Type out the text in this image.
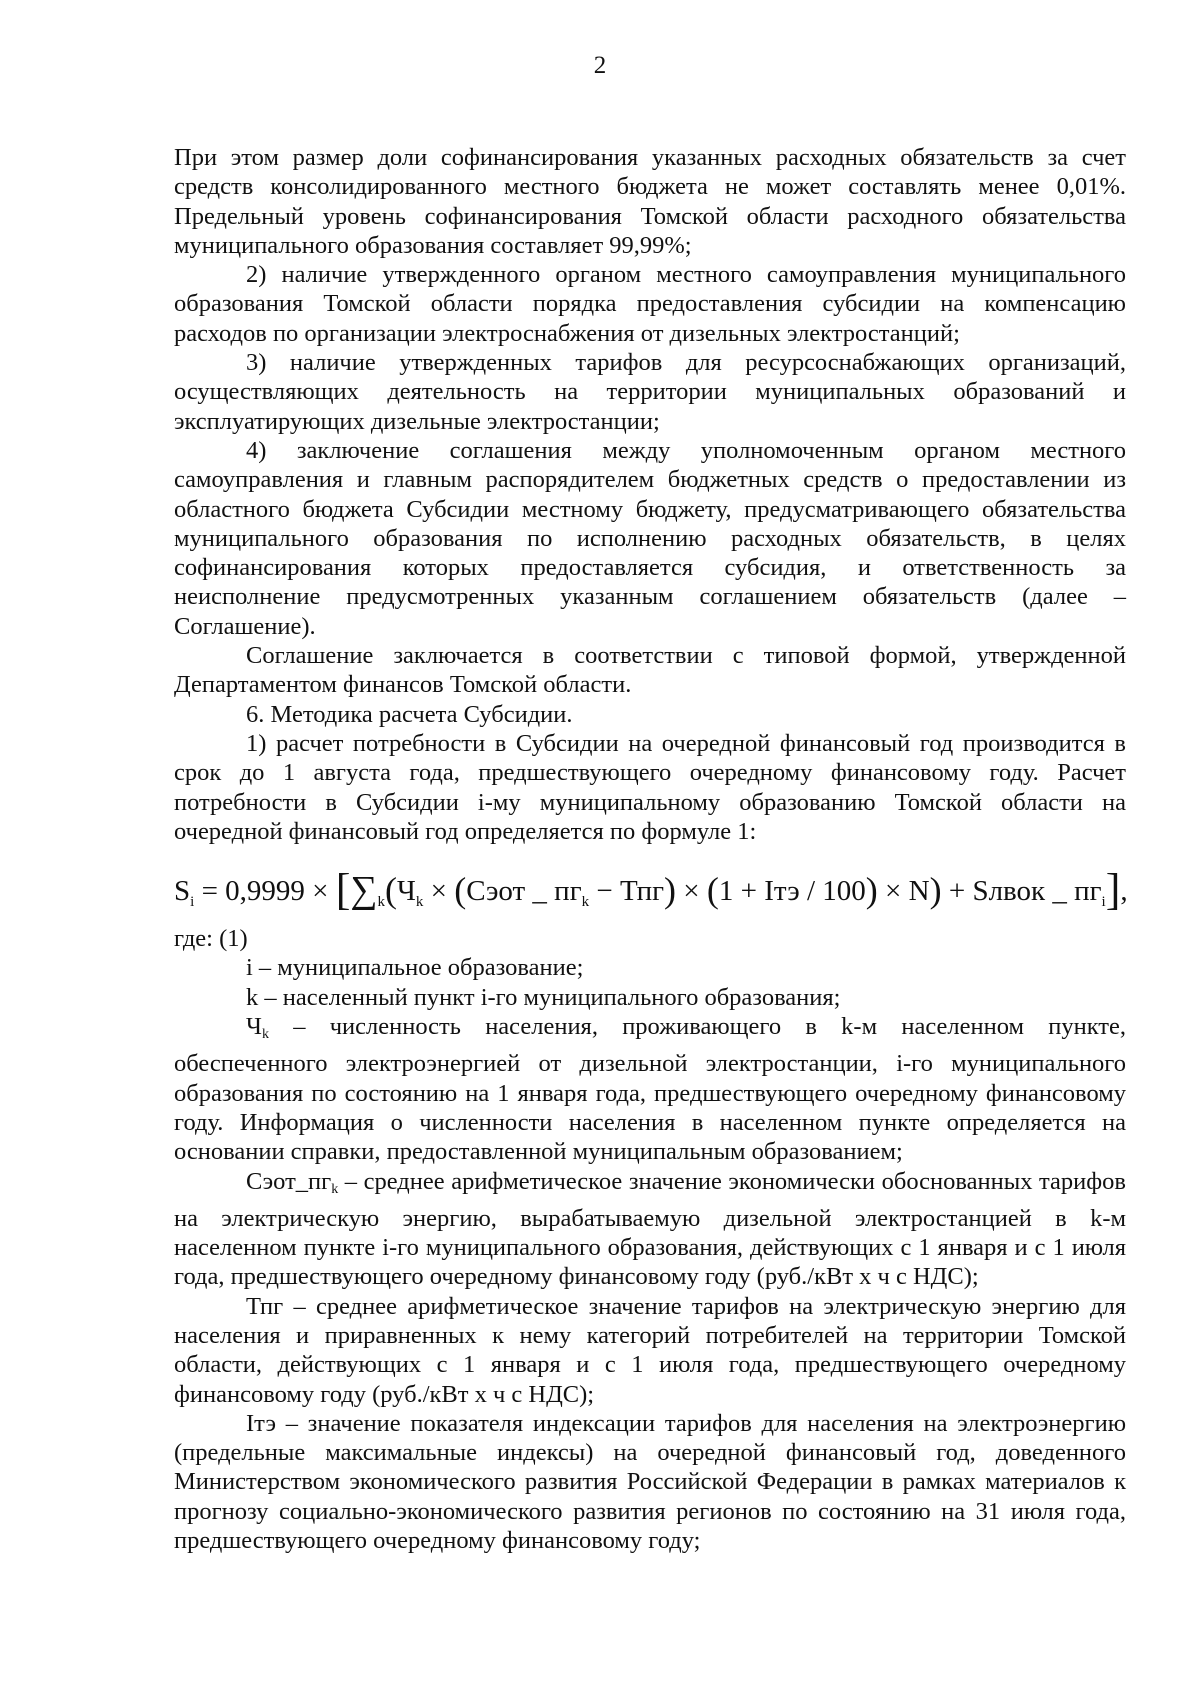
2

При этом размер доли софинансирования указанных расходных обязательств за счет средств консолидированного местного бюджета не может составлять менее 0,01%. Предельный уровень софинансирования Томской области расходного обязательства муниципального образования составляет 99,99%;

2) наличие утвержденного органом местного самоуправления муниципального образования Томской области порядка предоставления субсидии на компенсацию расходов по организации электроснабжения от дизельных электростанций;

3) наличие утвержденных тарифов для ресурсоснабжающих организаций, осуществляющих деятельность на территории муниципальных образований и эксплуатирующих дизельные электростанции;

4) заключение соглашения между уполномоченным органом местного самоуправления и главным распорядителем бюджетных средств о предоставлении из областного бюджета Субсидии местному бюджету, предусматривающего обязательства муниципального образования по исполнению расходных обязательств, в целях софинансирования которых предоставляется субсидия, и ответственность за неисполнение предусмотренных указанным соглашением обязательств (далее – Соглашение).

Соглашение заключается в соответствии с типовой формой, утвержденной Департаментом финансов Томской области.

6. Методика расчета Субсидии.

1) расчет потребности в Субсидии на очередной финансовый год производится в срок до 1 августа года, предшествующего очередному финансовому году. Расчет потребности в Субсидии i-му муниципальному образованию Томской области на очередной финансовый год определяется по формуле 1:

$S_i = 0,9999 \times [\sum_k(Ч_k$ × (Сэот _ $пг_k - Тпг) \times (1$ + Iтэ / 100) × N) + Sлвок _ $пг_i$],

где: (1)

i – муниципальное образование;

k – населенный пункт i-го муниципального образования;

$Ч_k$ – численность населения, проживающего в k-м населенном пункте, обеспеченного электроэнергией от дизельной электростанции, i-го муниципального образования по состоянию на 1 января года, предшествующего очередному финансовому году. Информация о численности населения в населенном пункте определяется на основании справки, предоставленной муниципальным образованием;

$Сэот\_пг_k$ – среднее арифметическое значение экономически обоснованных тарифов на электрическую энергию, вырабатываемую дизельной электростанцией в k-м населенном пункте i-го муниципального образования, действующих с 1 января и с 1 июля года, предшествующего очередному финансовому году (руб./кВт х ч с НДС);

Тпг – среднее арифметическое значение тарифов на электрическую энергию для населения и приравненных к нему категорий потребителей на территории Томской области, действующих с 1 января и с 1 июля года, предшествующего очередному финансовому году (руб./кВт х ч с НДС);

Iтэ – значение показателя индексации тарифов для населения на электроэнергию (предельные максимальные индексы) на очередной финансовый год, доведенного Министерством экономического развития Российской Федерации в рамках материалов к прогнозу социально-экономического развития регионов по состоянию на 31 июля года, предшествующего очередному финансовому году;
